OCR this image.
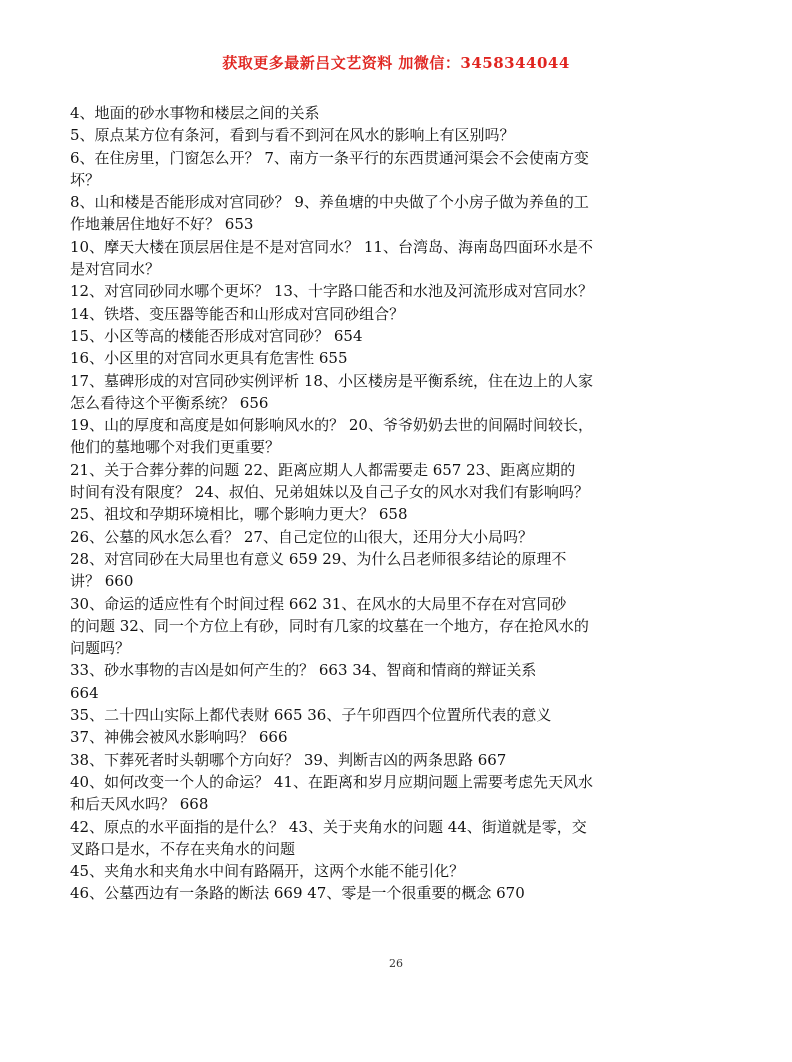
获取更多最新吕文艺资料 加微信：3458344044
4、地面的砂水事物和楼层之间的关系
5、原点某方位有条河，看到与看不到河在风水的影响上有区别吗？
6、在住房里，门窗怎么开？ 7、南方一条平行的东西贯通河渠会不会使南方变
坏？
8、山和楼是否能形成对宫同砂？ 9、养鱼塘的中央做了个小房子做为养鱼的工
作地兼居住地好不好？ 653
10、摩天大楼在顶层居住是不是对宫同水？ 11、台湾岛、海南岛四面环水是不
是对宫同水？
12、对宫同砂同水哪个更坏？ 13、十字路口能否和水池及河流形成对宫同水？
14、铁塔、变压器等能否和山形成对宫同砂组合？
15、小区等高的楼能否形成对宫同砂？ 654
16、小区里的对宫同水更具有危害性 655
17、墓碑形成的对宫同砂实例评析 18、小区楼房是平衡系统，住在边上的人家
怎么看待这个平衡系统？ 656
19、山的厚度和高度是如何影响风水的？ 20、爷爷奶奶去世的间隔时间较长，
他们的墓地哪个对我们更重要？
21、关于合葬分葬的问题 22、距离应期人人都需要走 657 23、距离应期的
时间有没有限度？ 24、叔伯、兄弟姐妹以及自己子女的风水对我们有影响吗？
25、祖坟和孕期环境相比，哪个影响力更大？ 658
26、公墓的风水怎么看？ 27、自己定位的山很大，还用分大小局吗？
28、对宫同砂在大局里也有意义 659 29、为什么吕老师很多结论的原理不
讲？ 660
30、命运的适应性有个时间过程 662 31、在风水的大局里不存在对宫同砂
的问题 32、同一个方位上有砂，同时有几家的坟墓在一个地方，存在抢风水的
问题吗？
33、砂水事物的吉凶是如何产生的？ 663 34、智商和情商的辩证关系
664
35、二十四山实际上都代表财 665 36、子午卯酉四个位置所代表的意义
37、神佛会被风水影响吗？ 666
38、下葬死者时头朝哪个方向好？ 39、判断吉凶的两条思路 667
40、如何改变一个人的命运？ 41、在距离和岁月应期问题上需要考虑先天风水
和后天风水吗？ 668
42、原点的水平面指的是什么？ 43、关于夹角水的问题 44、街道就是零，交
叉路口是水，不存在夹角水的问题
45、夹角水和夹角水中间有路隔开，这两个水能不能引化？
46、公墓西边有一条路的断法 669 47、零是一个很重要的概念 670
26
